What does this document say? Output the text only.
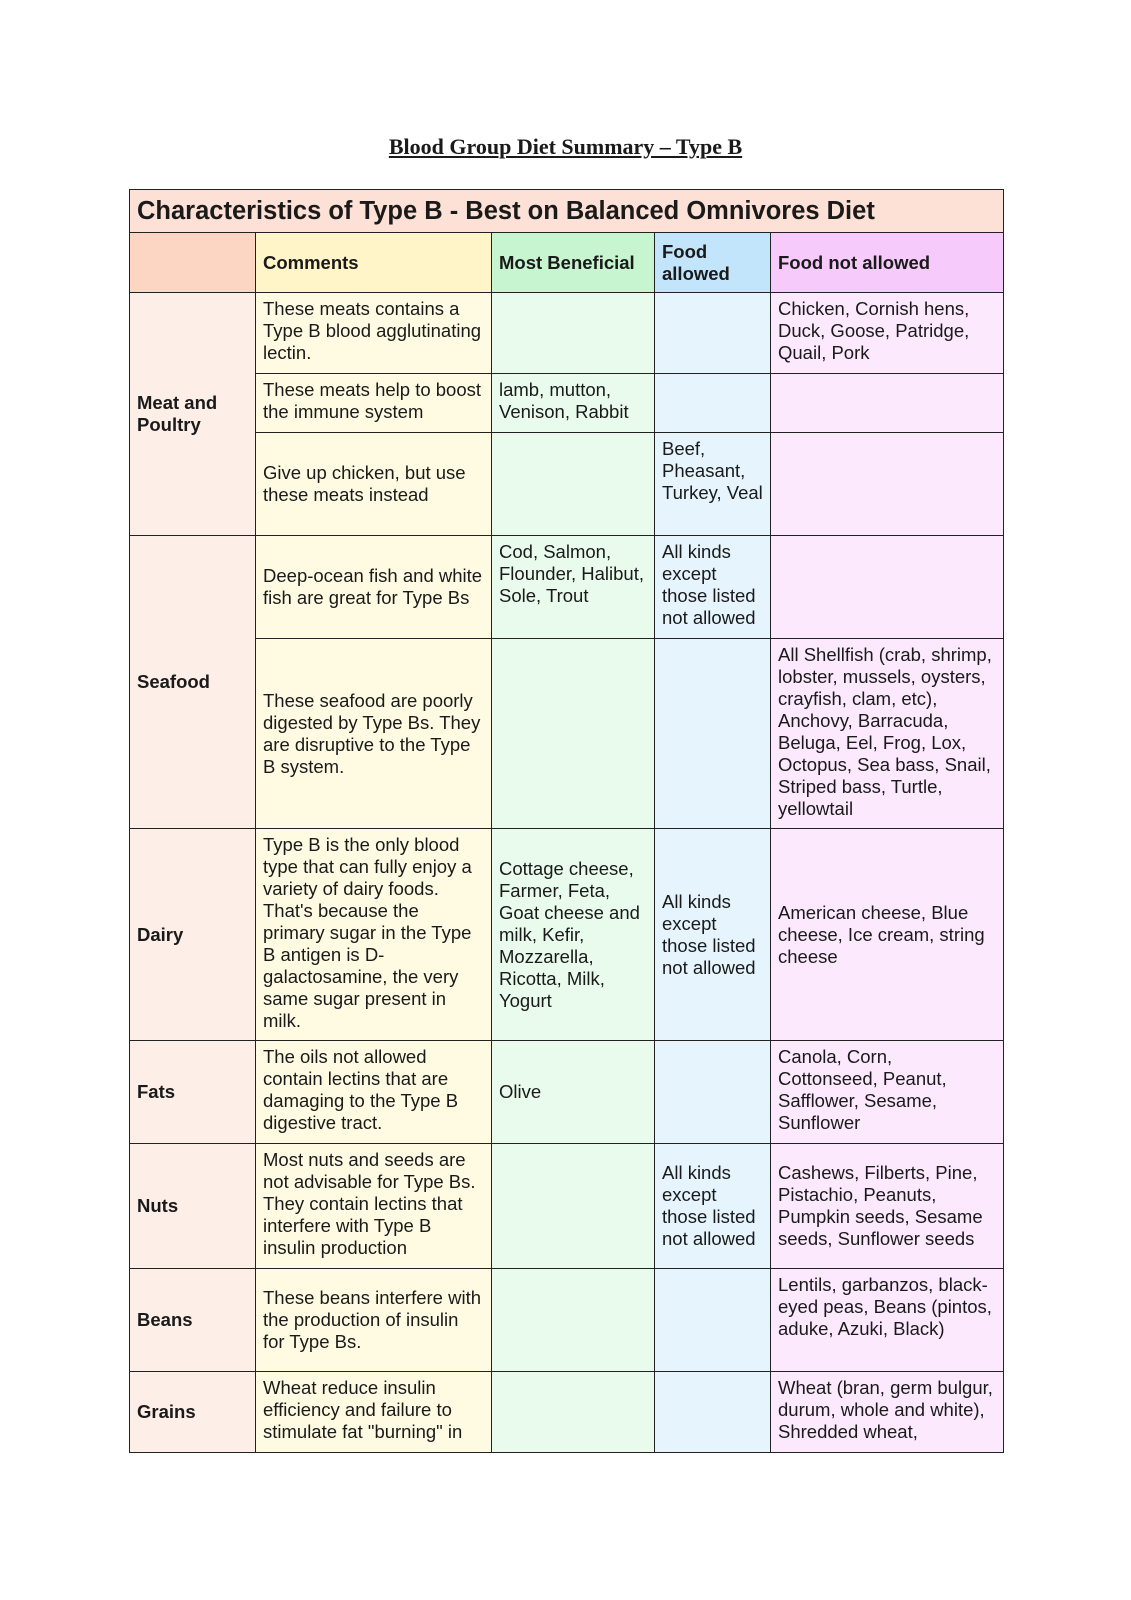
Blood Group Diet Summary – Type B
Characteristics of Type B - Best on Balanced Omnivores Diet				
	Comments	Most Beneficial	Food allowed	Food not allowed
Meat and Poultry	These meats contains a Type B blood agglutinating lectin.			Chicken, Cornish hens, Duck, Goose, Patridge, Quail, Pork
	These meats help to boost the immune system	lamb, mutton, Venison, Rabbit		
	Give up chicken, but use these meats instead		Beef, Pheasant, Turkey, Veal	
Seafood	Deep-ocean fish and white fish are great for Type Bs	Cod, Salmon, Flounder, Halibut, Sole, Trout	All kinds except those listed not allowed	
	These seafood are poorly digested by Type Bs. They are disruptive to the Type B system.			All Shellfish (crab, shrimp, lobster, mussels, oysters, crayfish, clam, etc), Anchovy, Barracuda, Beluga, Eel, Frog, Lox, Octopus, Sea bass, Snail, Striped bass, Turtle, yellowtail
Dairy	Type B is the only blood type that can fully enjoy a variety of dairy foods. That's because the primary sugar in the Type B antigen is D-galactosamine, the very same sugar present in milk.	Cottage cheese, Farmer, Feta, Goat cheese and milk, Kefir, Mozzarella, Ricotta, Milk, Yogurt	All kinds except those listed not allowed	American cheese, Blue cheese, Ice cream, string cheese
Fats	The oils not allowed contain lectins that are damaging to the Type B digestive tract.	Olive		Canola, Corn, Cottonseed, Peanut, Safflower, Sesame, Sunflower
Nuts	Most nuts and seeds are not advisable for Type Bs. They contain lectins that interfere with Type B insulin production		All kinds except those listed not allowed	Cashews, Filberts, Pine, Pistachio, Peanuts, Pumpkin seeds, Sesame seeds, Sunflower seeds
Beans	These beans interfere with the production of insulin for Type Bs.			Lentils, garbanzos, black-eyed peas, Beans (pintos, aduke, Azuki, Black)
Grains	Wheat reduce insulin efficiency and failure to stimulate fat "burning" in			Wheat (bran, germ bulgur, durum, whole and white), Shredded wheat,
